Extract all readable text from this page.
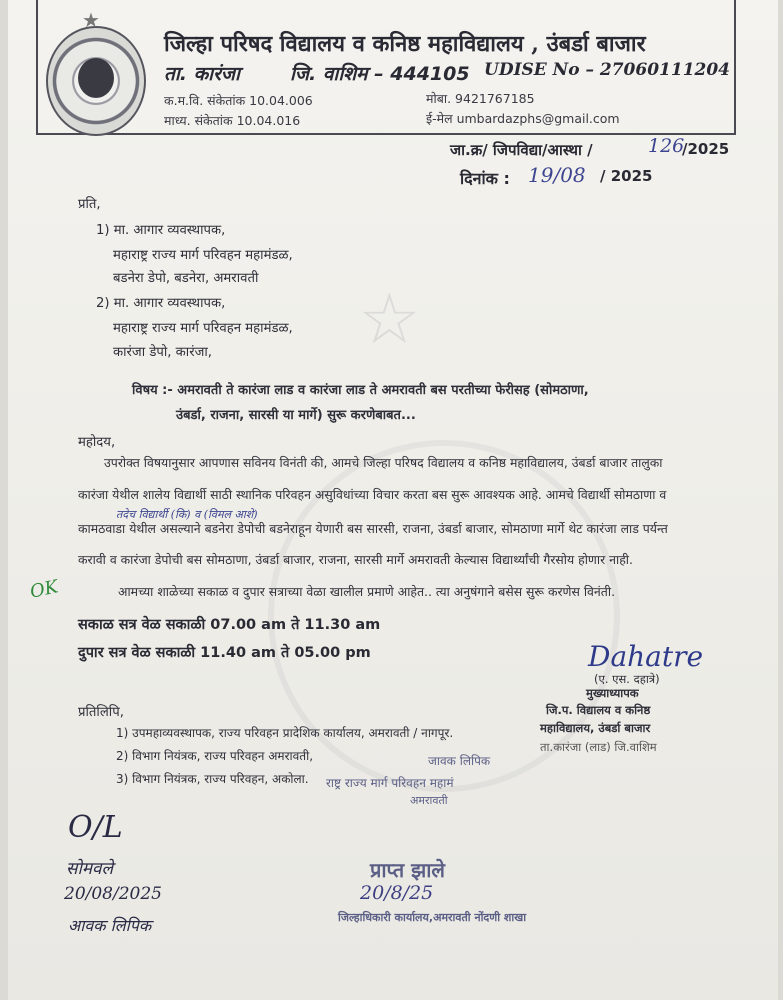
☆
★
जिल्हा परिषद विद्यालय व कनिष्ठ महाविद्यालय , उंबर्डा बाजार
ता. कारंजा	जि. वाशिम – 444105 UDISE No – 27060111204
क.म.वि. संकेतांक 10.04.006
माध्य. संकेतांक 10.04.016
मोबा. 9421767185
ई-मेल umbardazphs@gmail.com
जा.क्र/ जिपविद्या/आस्था /	126
/2025
दिनांक : 19/08 / 2025
प्रति,
1) मा. आगार व्यवस्थापक,
महाराष्ट्र राज्य मार्ग परिवहन महामंडळ,
बडनेरा डेपो, बडनेरा, अमरावती
2) मा. आगार व्यवस्थापक,
महाराष्ट्र राज्य मार्ग परिवहन महामंडळ,
कारंजा डेपो, कारंजा,
विषय :- अमरावती ते कारंजा लाड व कारंजा लाड ते अमरावती बस परतीच्या फेरीसह (सोमठाणा,
उंबर्डा, राजना, सारसी या मार्गे) सुरू करणेबाबत...
महोदय,
उपरोक्त विषयानुसार आपणास सविनय विनंती की, आमचे जिल्हा परिषद विद्यालय व कनिष्ठ महाविद्यालय, उंबर्डा बाजार तालुका
कारंजा येथील शालेय विद्यार्थी साठी स्थानिक परिवहन असुविधांच्या विचार करता बस सुरू आवश्यक आहे. आमचे विद्यार्थी सोमठाणा व
तदेच विद्यार्थी (कि) व (विमल आशे)
कामठवाडा येथील असल्याने बडनेरा डेपोची बडनेराहून येणारी बस सारसी, राजना, उंबर्डा बाजार, सोमठाणा मार्गे थेट कारंजा लाड पर्यन्त
करावी व कारंजा डेपोची बस सोमठाणा, उंबर्डा बाजार, राजना, सारसी मार्गे अमरावती केल्यास विद्यार्थ्यांची गैरसोय होणार नाही.
OK	आमच्या शाळेच्या सकाळ व दुपार सत्राच्या वेळा खालील प्रमाणे आहेत.. त्या अनुषंगाने बसेस सुरू करणेस विनंती.
सकाळ सत्र वेळ सकाळी 07.00 am ते 11.30 am
दुपार सत्र वेळ सकाळी 11.40 am ते 05.00 pm	Dahatre
(ए. एस. दहात्रे)
मुख्याध्यापक
जि.प. विद्यालय व कनिष्ठ
महाविद्यालय, उंबर्डा बाजार
ता.कारंजा (लाड) जि.वाशिम
प्रतिलिपि,
1) उपमहाव्यवस्थापक, राज्य परिवहन प्रादेशिक कार्यालय, अमरावती / नागपूर.
2) विभाग नियंत्रक, राज्य परिवहन अमरावती,	जावक लिपिक
3) विभाग नियंत्रक, राज्य परिवहन, अकोला. राष्ट्र राज्य मार्ग परिवहन महामं
अमरावती
O/L
सोमवले
20/08/2025
आवक लिपिक
प्राप्त झाले
20/8/25
जिल्हाधिकारी कार्यालय,अमरावती नोंदणी शाखा
